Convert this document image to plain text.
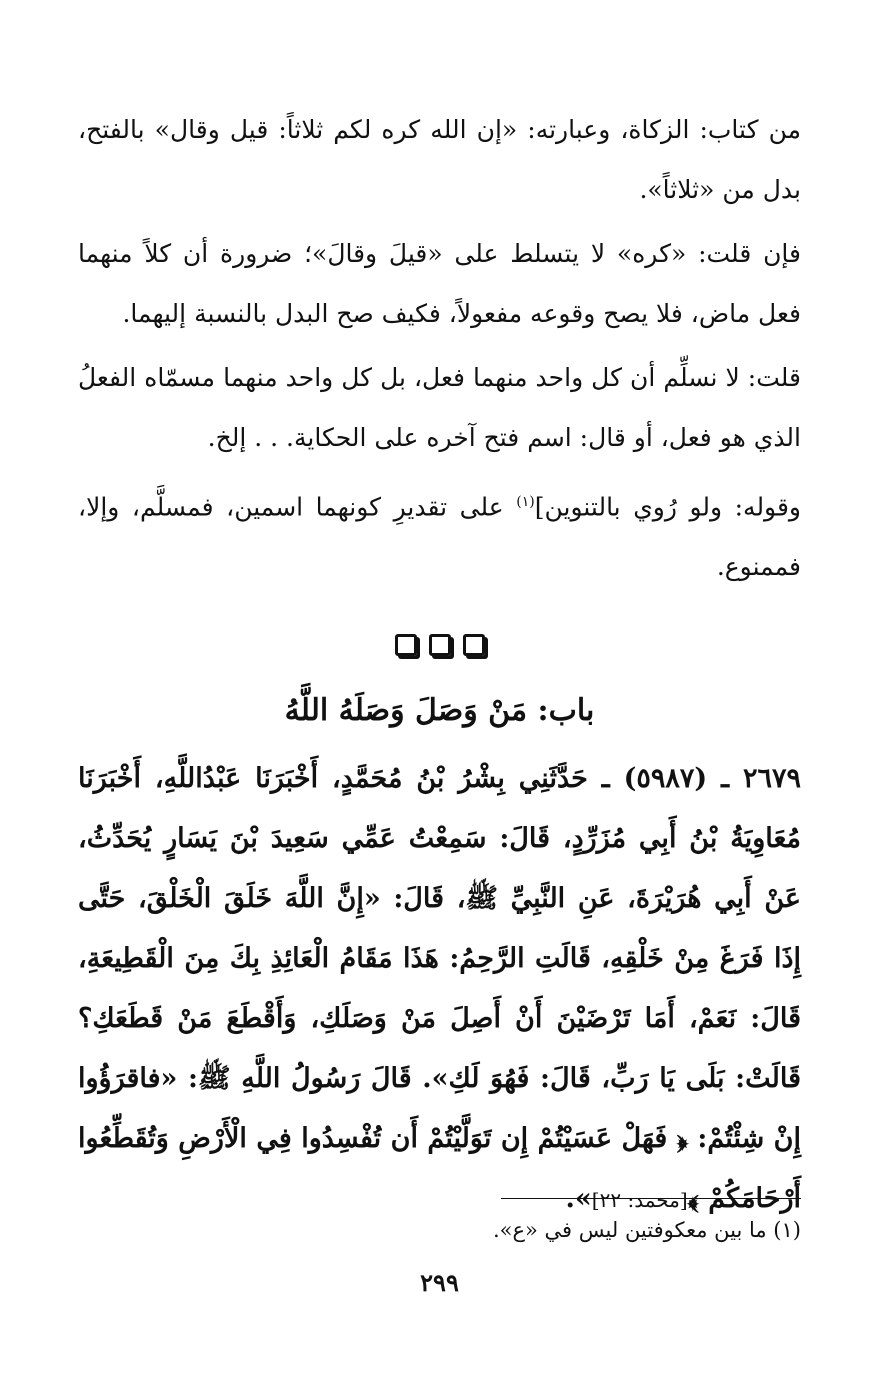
من كتاب: الزكاة، وعبارته: «إن الله كره لكم ثلاثاً: قيل وقال» بالفتح، بدل من «ثلاثاً».

فإن قلت: «كره» لا يتسلط على «قيلَ وقالَ»؛ ضرورة أن كلاً منهما فعل ماض، فلا يصح وقوعه مفعولاً، فكيف صح البدل بالنسبة إليهما.

قلت: لا نسلِّم أن كل واحد منهما فعل، بل كل واحد منهما مسمّاه الفعلُ الذي هو فعل، أو قال: اسم فتح آخره على الحكاية. . . إلخ.

وقوله: ولو رُوي بالتنوين]$^{(١)}$ على تقديرِ كونهما اسمين، فمسلَّم، وإلا، فممنوع.

باب: مَنْ وَصَلَ وَصَلَهُ اللَّهُ

٢٦٧٩ ـ (٥٩٨٧) ـ حَدَّثَنِي بِشْرُ بْنُ مُحَمَّدٍ، أَخْبَرَنَا عَبْدُاللَّهِ، أَخْبَرَنَا مُعَاوِيَةُ بْنُ أَبِي مُزَرِّدٍ، قَالَ: سَمِعْتُ عَمِّي سَعِيدَ بْنَ يَسَارٍ يُحَدِّثُ، عَنْ أَبِي هُرَيْرَةَ، عَنِ النَّبِيِّ ﷺ، قَالَ: «إِنَّ اللَّهَ خَلَقَ الْخَلْقَ، حَتَّى إِذَا فَرَغَ مِنْ خَلْقِهِ، قَالَتِ الرَّحِمُ: هَذَا مَقَامُ الْعَائِذِ بِكَ مِنَ الْقَطِيعَةِ، قَالَ: نَعَمْ، أَمَا تَرْضَيْنَ أَنْ أَصِلَ مَنْ وَصَلَكِ، وَأَقْطَعَ مَنْ قَطَعَكِ؟ قَالَتْ: بَلَى يَا رَبِّ، قَالَ: فَهُوَ لَكِ». قَالَ رَسُولُ اللَّهِ ﷺ: «فاقرَؤُوا إِنْ شِئْتُمْ: ﴿ فَهَلْ عَسَيْتُمْ إِن تَوَلَّيْتُمْ أَن تُفْسِدُوا فِي الْأَرْضِ وَتُقَطِّعُوا أَرْحَامَكُمْ ﴾[محمد: ٢٢]».

(١) ما بين معكوفتين ليس في «ع».
٢٩٩
